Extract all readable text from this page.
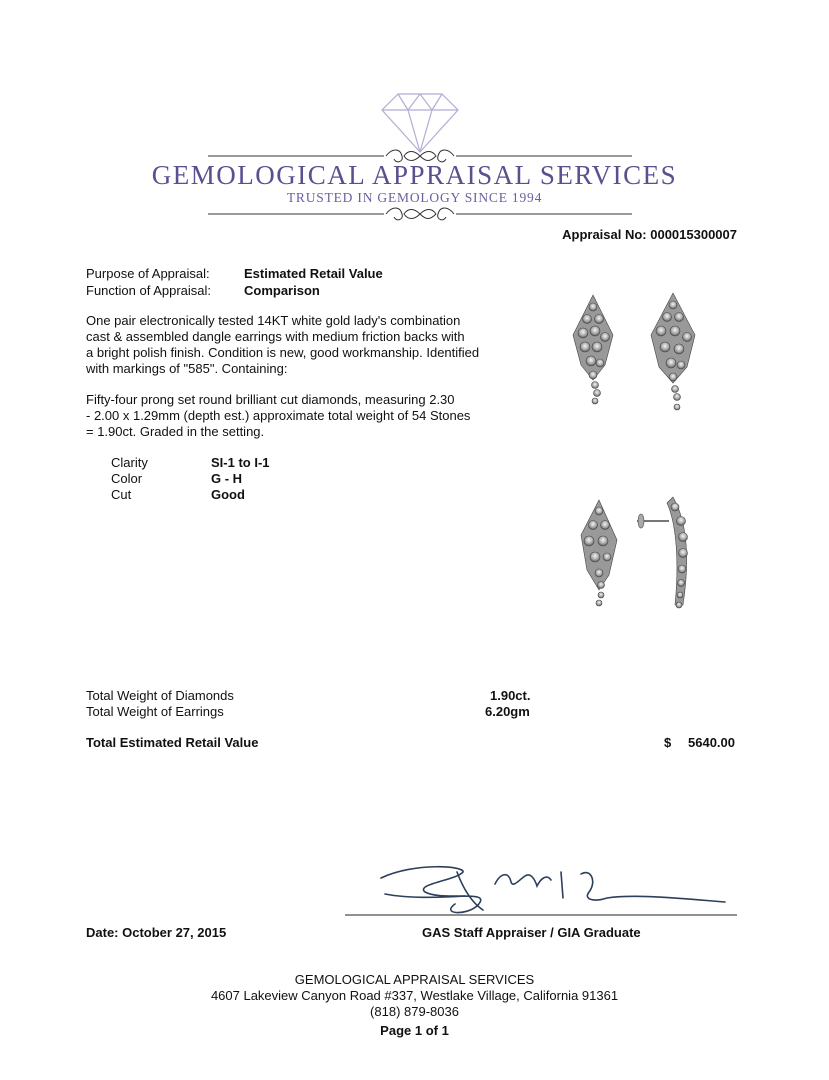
GEMOLOGICAL APPRAISAL SERVICES
TRUSTED IN GEMOLOGY SINCE 1994
Appraisal No: 000015300007
Purpose of Appraisal:	Estimated Retail Value
Function of Appraisal:	Comparison
One pair electronically tested 14KT white gold lady's combination
cast & assembled dangle earrings with medium friction backs with
a bright polish finish. Condition is new, good workmanship. Identified
with markings of "585". Containing:
Fifty-four prong set round brilliant cut diamonds, measuring 2.30
- 2.00 x 1.29mm (depth est.) approximate total weight of 54 Stones
= 1.90ct. Graded in the setting.
Clarity	SI-1 to I-1
Color	G - H
Cut	Good
Total Weight of Diamonds	1.90ct.
Total Weight of Earrings	6.20gm
Total Estimated Retail Value	$ 5640.00
Date: October 27, 2015	GAS Staff Appraiser / GIA Graduate
GEMOLOGICAL APPRAISAL SERVICES
4607 Lakeview Canyon Road #337, Westlake Village, California 91361
(818) 879-8036
Page 1 of 1
